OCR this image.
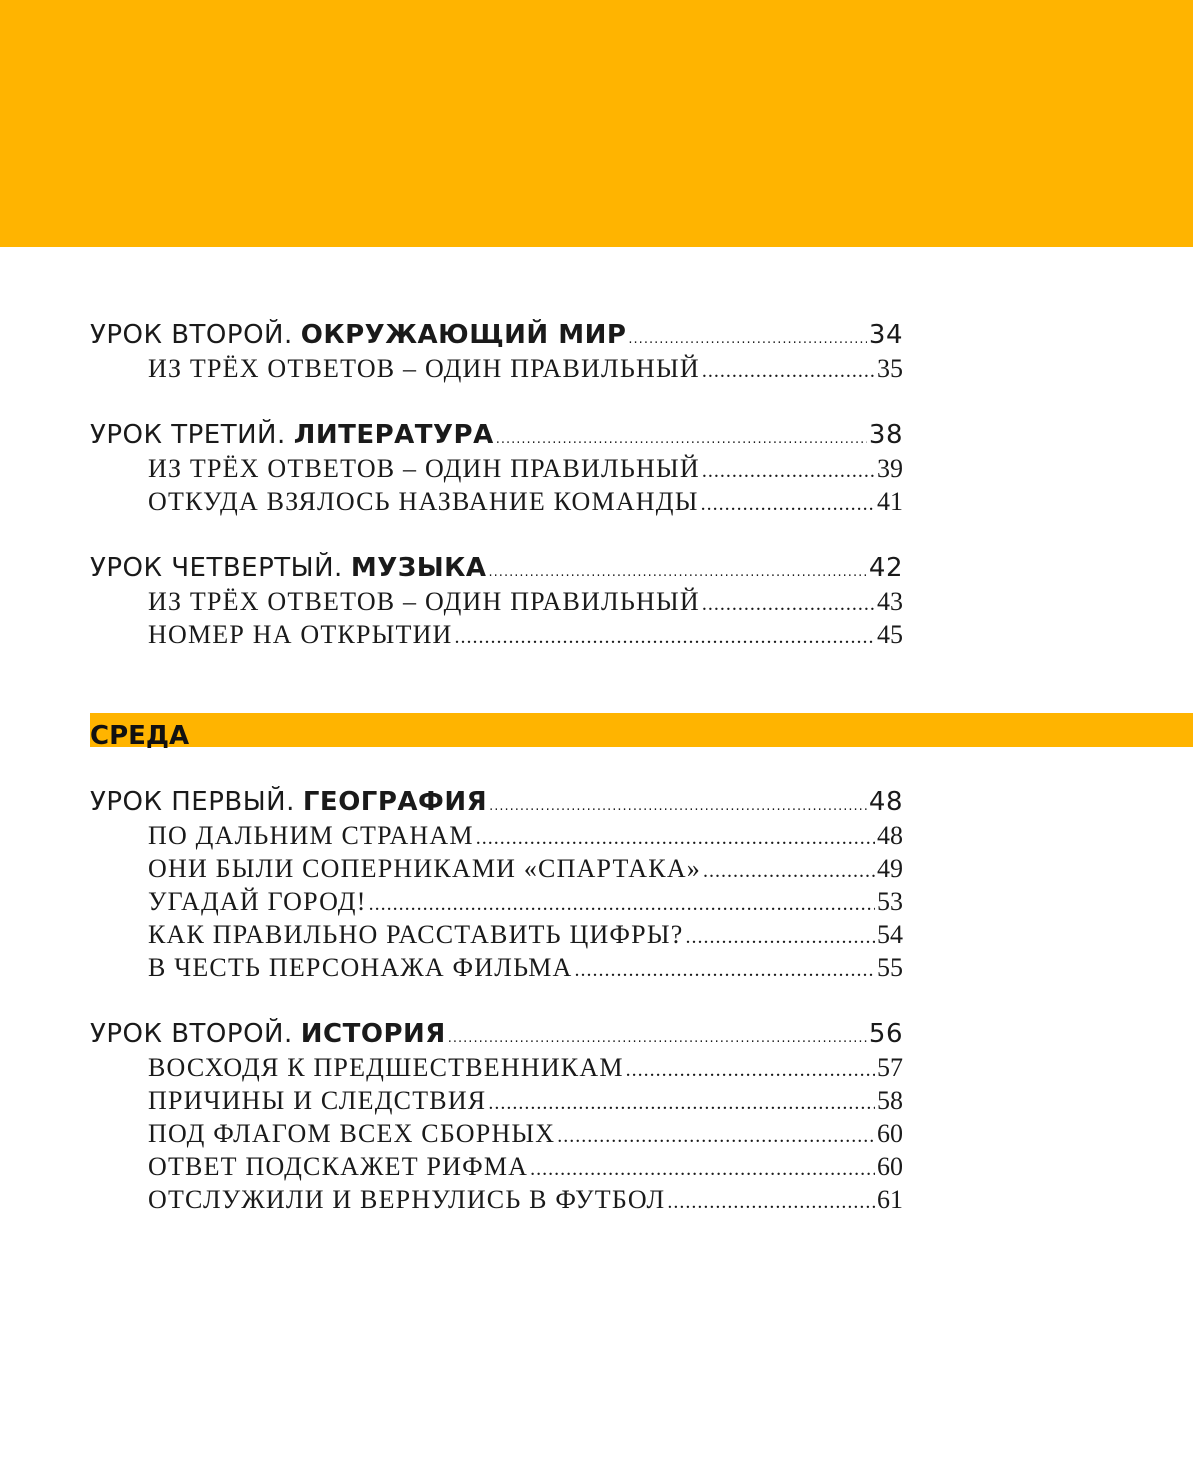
УРОК ВТОРОЙ. ОКРУЖАЮЩИЙ МИР .....	34
ИЗ ТРЁХ ОТВЕТОВ – ОДИН ПРАВИЛЬНЫЙ .....	35
УРОК ТРЕТИЙ. ЛИТЕРАТУРА .....	38
ИЗ ТРЁХ ОТВЕТОВ – ОДИН ПРАВИЛЬНЫЙ .....	39
ОТКУДА ВЗЯЛОСЬ НАЗВАНИЕ КОМАНДЫ .....	41
УРОК ЧЕТВЕРТЫЙ. МУЗЫКА .....	42
ИЗ ТРЁХ ОТВЕТОВ – ОДИН ПРАВИЛЬНЫЙ .....	43
НОМЕР НА ОТКРЫТИИ .....	45
СРЕДА
УРОК ПЕРВЫЙ. ГЕОГРАФИЯ .....	48
ПО ДАЛЬНИМ СТРАНАМ .....	48
ОНИ БЫЛИ СОПЕРНИКАМИ «СПАРТАКА» .....	49
УГАДАЙ ГОРОД! .....	53
КАК ПРАВИЛЬНО РАССТАВИТЬ ЦИФРЫ? .....	54
В ЧЕСТЬ ПЕРСОНАЖА ФИЛЬМА .....	55
УРОК ВТОРОЙ. ИСТОРИЯ .....	56
ВОСХОДЯ К ПРЕДШЕСТВЕННИКАМ .....	57
ПРИЧИНЫ И СЛЕДСТВИЯ .....	58
ПОД ФЛАГОМ ВСЕХ СБОРНЫХ .....	60
ОТВЕТ ПОДСКАЖЕТ РИФМА .....	60
ОТСЛУЖИЛИ И ВЕРНУЛИСЬ В ФУТБОЛ .....	61
